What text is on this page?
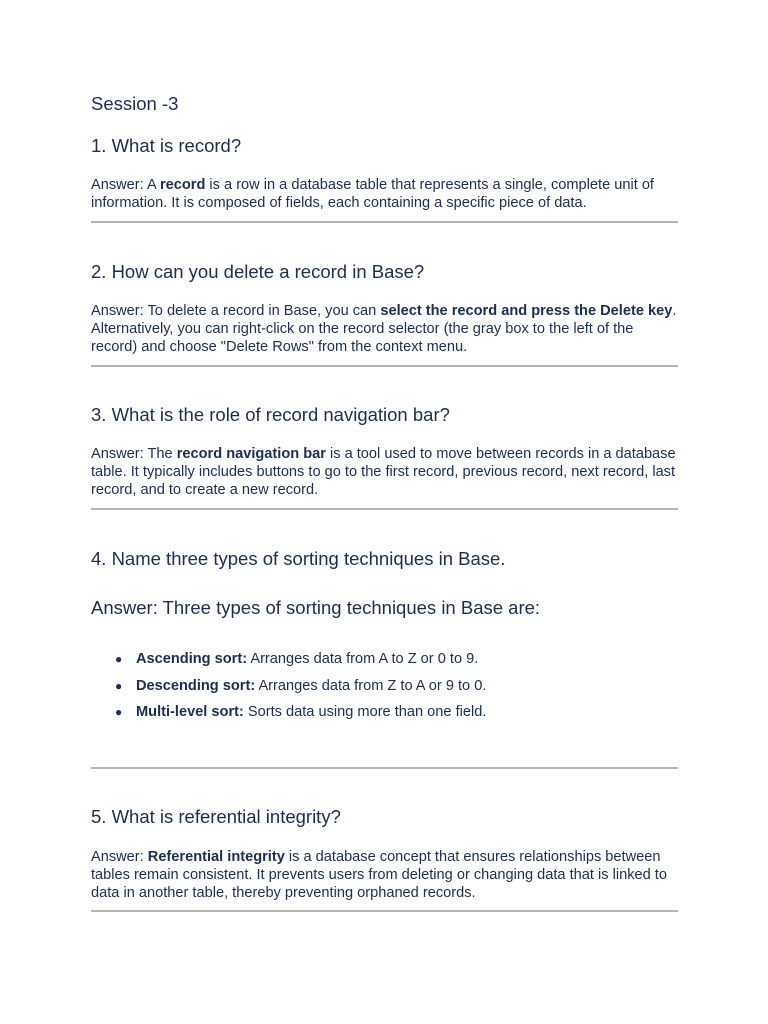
Session -3
1. What is record?

Answer: A record is a row in a database table that represents a single, complete unit of information. It is composed of fields, each containing a specific piece of data.

2. How can you delete a record in Base?

Answer: To delete a record in Base, you can select the record and press the Delete key. Alternatively, you can right-click on the record selector (the gray box to the left of the record) and choose "Delete Rows" from the context menu.

3. What is the role of record navigation bar?

Answer: The record navigation bar is a tool used to move between records in a database table. It typically includes buttons to go to the first record, previous record, next record, last record, and to create a new record.

4. Name three types of sorting techniques in Base.

Answer: Three types of sorting techniques in Base are:

● Ascending sort: Arranges data from A to Z or 0 to 9.
● Descending sort: Arranges data from Z to A or 9 to 0.
● Multi-level sort: Sorts data using more than one field.
5. What is referential integrity?

Answer: Referential integrity is a database concept that ensures relationships between tables remain consistent. It prevents users from deleting or changing data that is linked to data in another table, thereby preventing orphaned records.
